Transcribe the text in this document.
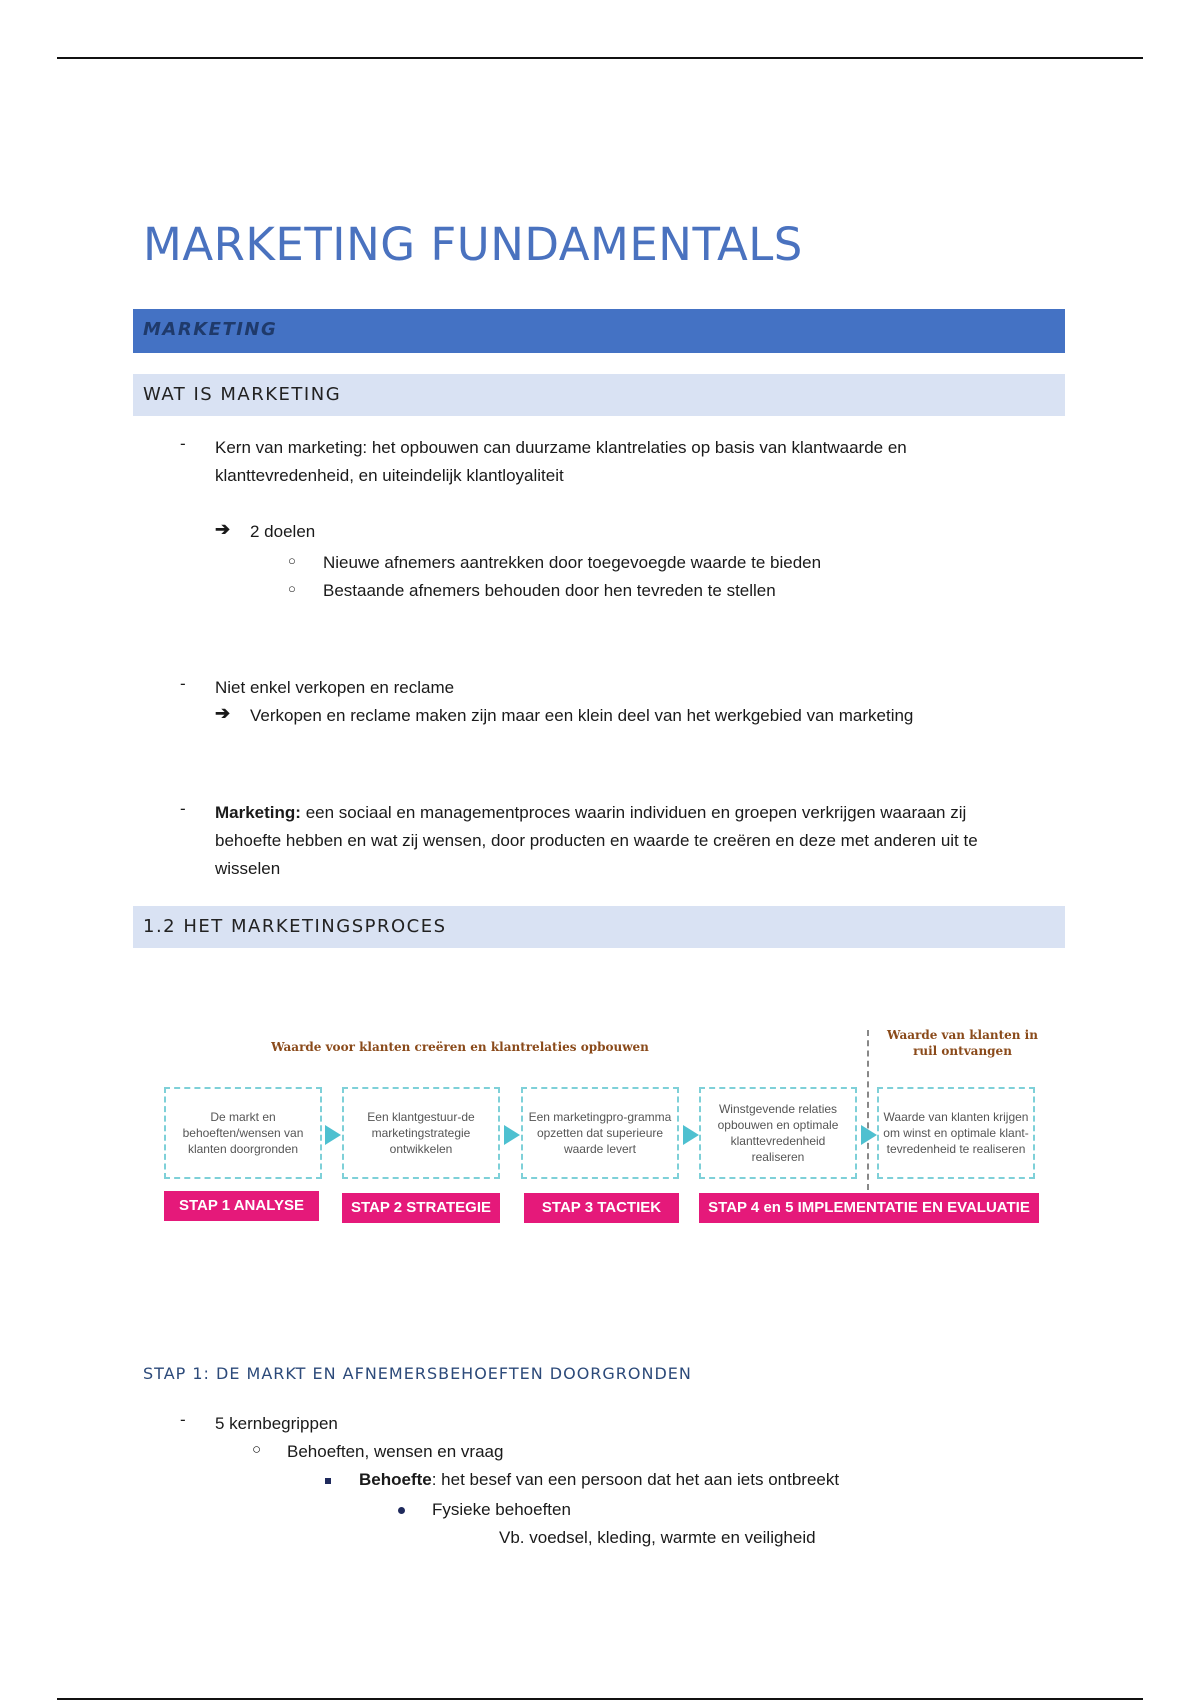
MARKETING FUNDAMENTALS
MARKETING
WAT IS MARKETING
- Kern van marketing: het opbouwen can duurzame klantrelaties op basis van klantwaarde en
klanttevredenheid, en uiteindelijk klantloyaliteit
➔ 2 doelen
○ Nieuwe afnemers aantrekken door toegevoegde waarde te bieden
○ Bestaande afnemers behouden door hen tevreden te stellen
- Niet enkel verkopen en reclame
➔ Verkopen en reclame maken zijn maar een klein deel van het werkgebied van marketing
- Marketing: een sociaal en managementproces waarin individuen en groepen verkrijgen waaraan zij
behoefte hebben en wat zij wensen, door producten en waarde te creëren en deze met anderen uit te
wisselen
1.2 HET MARKETINGSPROCES
Waarde voor klanten creëren en klantrelaties opbouwen
Waarde van klanten in ruil ontvangen
De markt en behoeften/wensen van klanten doorgronden
Een klantgestuur-de marketingstrategie ontwikkelen
Een marketingpro-gramma opzetten dat superieure waarde levert
Winstgevende relaties opbouwen en optimale klanttevredenheid realiseren
Waarde van klanten krijgen om winst en optimale klant-tevredenheid te realiseren
STAP 1 ANALYSE	STAP 2 STRATEGIE	STAP 3 TACTIEK	STAP 4 en 5 IMPLEMENTATIE EN EVALUATIE
STAP 1: DE MARKT EN AFNEMERSBEHOEFTEN DOORGRONDEN
- 5 kernbegrippen
○ Behoeften, wensen en vraag
Behoefte: het besef van een persoon dat het aan iets ontbreekt
Fysieke behoeften
Vb. voedsel, kleding, warmte en veiligheid
